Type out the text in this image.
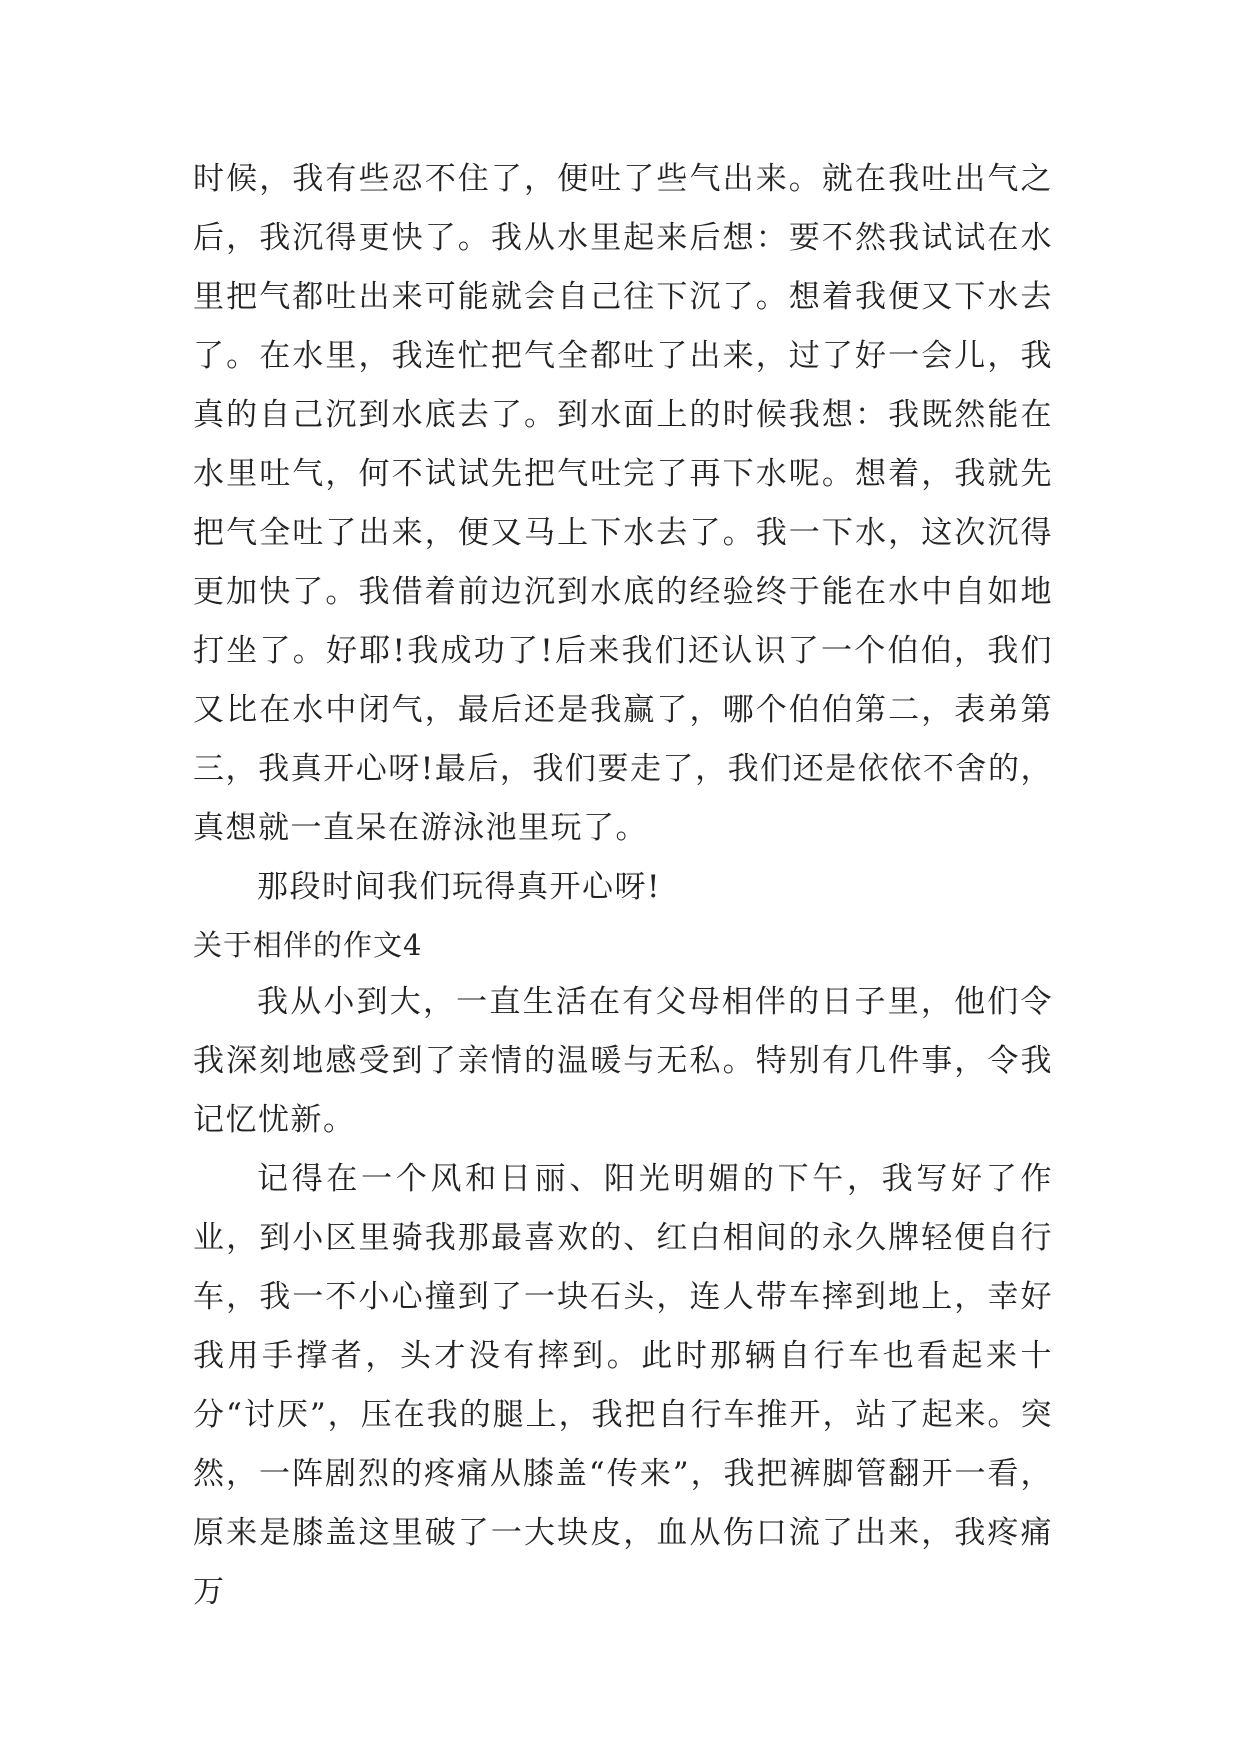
时候，我有些忍不住了，便吐了些气出来。就在我吐出气之后，我沉得更快了。我从水里起来后想：要不然我试试在水里把气都吐出来可能就会自己往下沉了。想着我便又下水去了。在水里，我连忙把气全都吐了出来，过了好一会儿，我真的自己沉到水底去了。到水面上的时候我想：我既然能在水里吐气，何不试试先把气吐完了再下水呢。想着，我就先把气全吐了出来，便又马上下水去了。我一下水，这次沉得更加快了。我借着前边沉到水底的经验终于能在水中自如地打坐了。好耶!我成功了!后来我们还认识了一个伯伯，我们又比在水中闭气，最后还是我赢了，哪个伯伯第二，表弟第三，我真开心呀!最后，我们要走了，我们还是依依不舍的，真想就一直呆在游泳池里玩了。

那段时间我们玩得真开心呀!

关于相伴的作文4

我从小到大，一直生活在有父母相伴的日子里，他们令我深刻地感受到了亲情的温暖与无私。特别有几件事，令我记忆忧新。

记得在一个风和日丽、阳光明媚的下午，我写好了作业，到小区里骑我那最喜欢的、红白相间的永久牌轻便自行车，我一不小心撞到了一块石头，连人带车摔到地上，幸好我用手撑者，头才没有摔到。此时那辆自行车也看起来十分“讨厌”，压在我的腿上，我把自行车推开，站了起来。突然，一阵剧烈的疼痛从膝盖“传来”，我把裤脚管翻开一看，原来是膝盖这里破了一大块皮，血从伤口流了出来，我疼痛万
